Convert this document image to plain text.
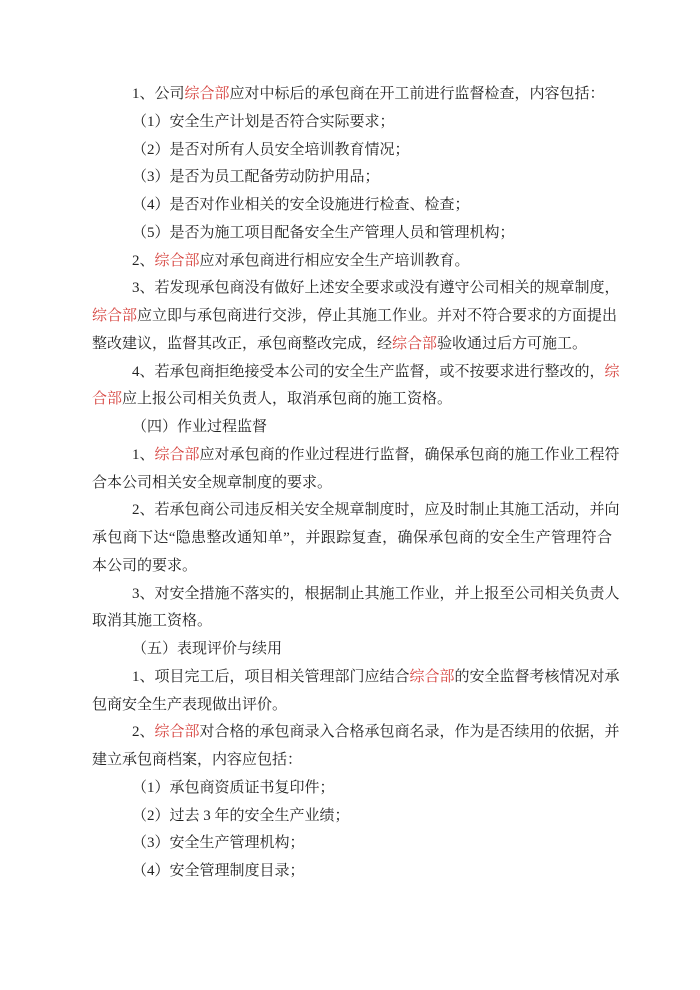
1、公司综合部应对中标后的承包商在开工前进行监督检查，内容包括：
（1）安全生产计划是否符合实际要求；
（2）是否对所有人员安全培训教育情况；
（3）是否为员工配备劳动防护用品；
（4）是否对作业相关的安全设施进行检查、检查；
（5）是否为施工项目配备安全生产管理人员和管理机构；
2、综合部应对承包商进行相应安全生产培训教育。
3、若发现承包商没有做好上述安全要求或没有遵守公司相关的规章制度，
综合部应立即与承包商进行交涉，停止其施工作业。并对不符合要求的方面提出
整改建议，监督其改正，承包商整改完成，经综合部验收通过后方可施工。
4、若承包商拒绝接受本公司的安全生产监督，或不按要求进行整改的，综
合部应上报公司相关负责人，取消承包商的施工资格。
（四）作业过程监督
1、综合部应对承包商的作业过程进行监督，确保承包商的施工作业工程符
合本公司相关安全规章制度的要求。
2、若承包商公司违反相关安全规章制度时，应及时制止其施工活动，并向
承包商下达“隐患整改通知单”，并跟踪复查，确保承包商的安全生产管理符合
本公司的要求。
3、对安全措施不落实的，根据制止其施工作业，并上报至公司相关负责人
取消其施工资格。
（五）表现评价与续用
1、项目完工后，项目相关管理部门应结合综合部的安全监督考核情况对承
包商安全生产表现做出评价。
2、综合部对合格的承包商录入合格承包商名录，作为是否续用的依据，并
建立承包商档案，内容应包括：
（1）承包商资质证书复印件；
（2）过去 3 年的安全生产业绩；
（3）安全生产管理机构；
（4）安全管理制度目录；
